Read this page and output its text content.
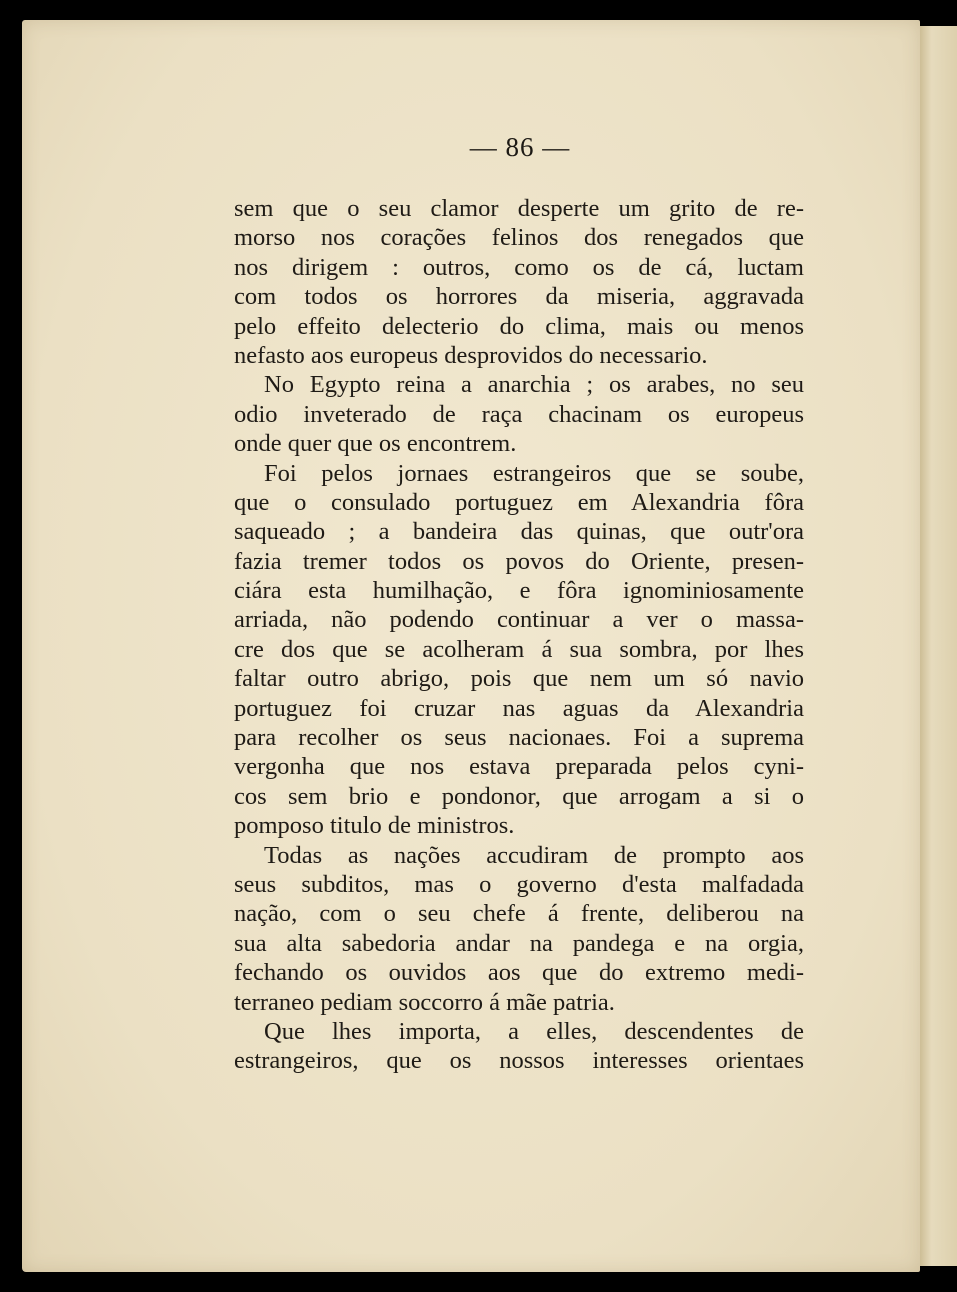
— 86 —
sem que o seu clamor desperte um grito de re-
morso nos corações felinos dos renegados que
nos dirigem : outros, como os de cá, luctam
com todos os horrores da miseria, aggravada
pelo effeito delecterio do clima, mais ou menos
nefasto aos europeus desprovidos do necessario.
No Egypto reina a anarchia ; os arabes, no seu
odio inveterado de raça chacinam os europeus
onde quer que os encontrem.
Foi pelos jornaes estrangeiros que se soube,
que o consulado portuguez em Alexandria fôra
saqueado ; a bandeira das quinas, que outr'ora
fazia tremer todos os povos do Oriente, presen-
ciára esta humilhação, e fôra ignominiosamente
arriada, não podendo continuar a ver o massa-
cre dos que se acolheram á sua sombra, por lhes
faltar outro abrigo, pois que nem um só navio
portuguez foi cruzar nas aguas da Alexandria
para recolher os seus nacionaes. Foi a suprema
vergonha que nos estava preparada pelos cyni-
cos sem brio e pondonor, que arrogam a si o
pomposo titulo de ministros.
Todas as nações accudiram de prompto aos
seus subditos, mas o governo d'esta malfadada
nação, com o seu chefe á frente, deliberou na
sua alta sabedoria andar na pandega e na orgia,
fechando os ouvidos aos que do extremo medi-
terraneo pediam soccorro á mãe patria.
Que lhes importa, a elles, descendentes de
estrangeiros, que os nossos interesses orientaes
